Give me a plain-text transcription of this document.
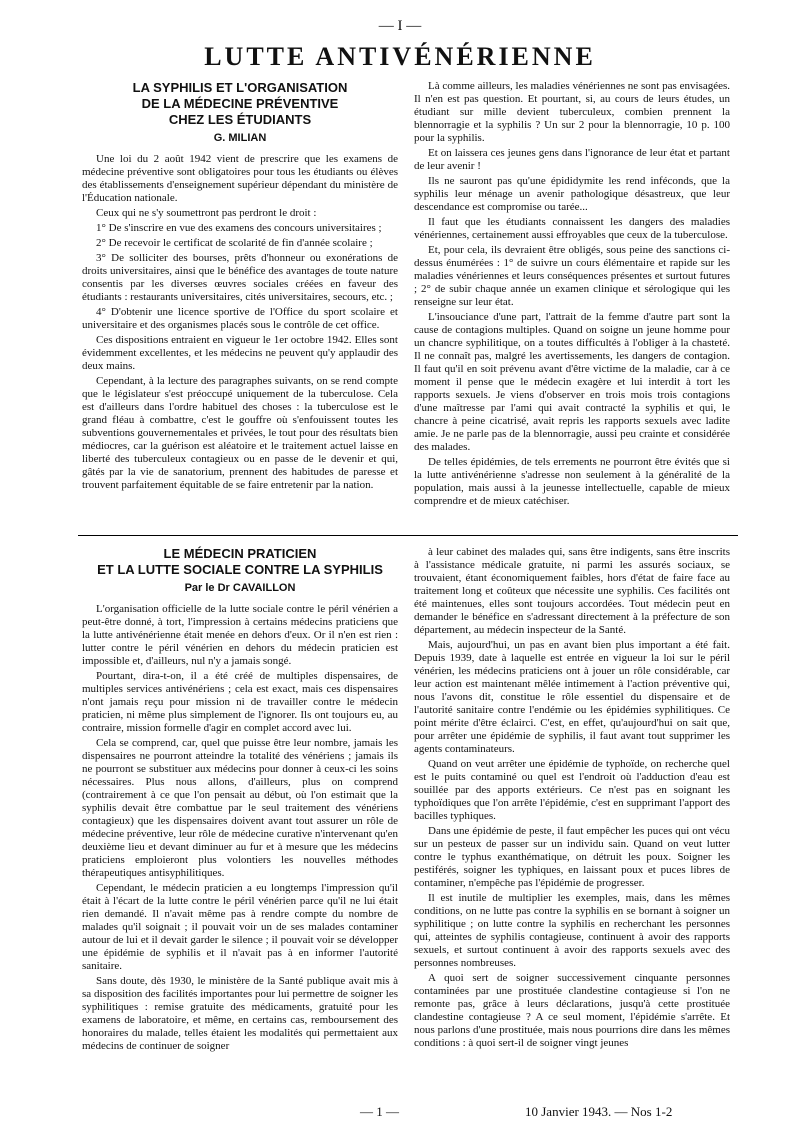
— I —
LUTTE ANTIVÉNÉRIENNE
LA SYPHILIS ET L'ORGANISATION
DE LA MÉDECINE PRÉVENTIVE
CHEZ LES ÉTUDIANTS
G. MILIAN

Une loi du 2 août 1942 vient de prescrire que les examens de médecine préventive sont obligatoires pour tous les étudiants ou élèves des établissements d'enseignement supérieur dépendant du ministère de l'Éducation nationale.

Ceux qui ne s'y soumettront pas perdront le droit :

1° De s'inscrire en vue des examens des concours universitaires ;

2° De recevoir le certificat de scolarité de fin d'année scolaire ;

3° De solliciter des bourses, prêts d'honneur ou exonérations de droits universitaires, ainsi que le bénéfice des avantages de toute nature consentis par les diverses œuvres sociales créées en faveur des étudiants : restaurants universitaires, cités universitaires, secours, etc. ;

4° D'obtenir une licence sportive de l'Office du sport scolaire et universitaire et des organismes placés sous le contrôle de cet office.

Ces dispositions entraient en vigueur le 1er octobre 1942. Elles sont évidemment excellentes, et les médecins ne peuvent qu'y applaudir des deux mains.

Cependant, à la lecture des paragraphes suivants, on se rend compte que le législateur s'est préoccupé uniquement de la tuberculose. Cela est d'ailleurs dans l'ordre habituel des choses : la tuberculose est le grand fléau à combattre, c'est le gouffre où s'enfouissent toutes les subventions gouvernementales et privées, le tout pour des résultats bien médiocres, car la guérison est aléatoire et le traitement actuel laisse en liberté des tuberculeux contagieux ou en passe de le devenir et qui, gâtés par la vie de sanatorium, prennent des habitudes de paresse et trouvent parfaitement équitable de se faire entretenir par la nation.

Là comme ailleurs, les maladies vénériennes ne sont pas envisagées. Il n'en est pas question. Et pourtant, si, au cours de leurs études, un étudiant sur mille devient tuberculeux, combien prennent la blennorragie et la syphilis ? Un sur 2 pour la blennorragie, 10 p. 100 pour la syphilis.

Et on laissera ces jeunes gens dans l'ignorance de leur état et partant de leur avenir !

Ils ne sauront pas qu'une épididymite les rend inféconds, que la syphilis leur ménage un avenir pathologique désastreux, que leur descendance est compromise ou tarée...

Il faut que les étudiants connaissent les dangers des maladies vénériennes, certainement aussi effroyables que ceux de la tuberculose.

Et, pour cela, ils devraient être obligés, sous peine des sanctions ci-dessus énumérées : 1° de suivre un cours élémentaire et rapide sur les maladies vénériennes et leurs conséquences présentes et surtout futures ; 2° de subir chaque année un examen clinique et sérologique qui les renseigne sur leur état.

L'insouciance d'une part, l'attrait de la femme d'autre part sont la cause de contagions multiples. Quand on soigne un jeune homme pour un chancre syphilitique, on a toutes difficultés à l'obliger à la chasteté. Il ne connaît pas, malgré les avertissements, les dangers de contagion. Il faut qu'il en soit prévenu avant d'être victime de la maladie, car à ce moment il pense que le médecin exagère et lui interdit à tort les rapports sexuels. Je viens d'observer en trois mois trois contagions d'une maîtresse par l'ami qui avait contracté la syphilis et qui, le chancre à peine cicatrisé, avait repris les rapports sexuels avec ladite amie. Je ne parle pas de la blennorragie, aussi peu crainte et considérée des malades.

De telles épidémies, de tels errements ne pourront être évités que si la lutte antivénérienne s'adresse non seulement à la généralité de la population, mais aussi à la jeunesse intellectuelle, capable de mieux comprendre et de mieux catéchiser.

LE MÉDECIN PRATICIEN
ET LA LUTTE SOCIALE CONTRE LA SYPHILIS
Par le Dr CAVAILLON

L'organisation officielle de la lutte sociale contre le péril vénérien a peut-être donné, à tort, l'impression à certains médecins praticiens que la lutte antivénérienne était menée en dehors d'eux. Or il n'en est rien : lutter contre le péril vénérien en dehors du médecin praticien est impossible et, d'ailleurs, nul n'y a jamais songé.

Pourtant, dira-t-on, il a été créé de multiples dispensaires, de multiples services antivénériens ; cela est exact, mais ces dispensaires n'ont jamais reçu pour mission ni de travailler contre le médecin praticien, ni même plus simplement de l'ignorer. Ils ont toujours eu, au contraire, mission formelle d'agir en complet accord avec lui.

Cela se comprend, car, quel que puisse être leur nombre, jamais les dispensaires ne pourront atteindre la totalité des vénériens ; jamais ils ne pourront se substituer aux médecins pour donner à ceux-ci les soins nécessaires. Plus nous allons, d'ailleurs, plus on comprend (contrairement à ce que l'on pensait au début, où l'on estimait que la syphilis devait être combattue par le seul traitement des vénériens contagieux) que les dispensaires doivent avant tout assurer un rôle de médecine préventive, leur rôle de médecine curative n'intervenant qu'en deuxième lieu et devant diminuer au fur et à mesure que les médecins praticiens emploieront plus volontiers les nouvelles méthodes thérapeutiques antisyphilitiques.

Cependant, le médecin praticien a eu longtemps l'impression qu'il était à l'écart de la lutte contre le péril vénérien parce qu'il ne lui était rien demandé. Il n'avait même pas à rendre compte du nombre de malades qu'il soignait ; il pouvait voir un de ses malades contaminer autour de lui et il devait garder le silence ; il pouvait voir se développer une épidémie de syphilis et il n'avait pas à en informer l'autorité sanitaire.

Sans doute, dès 1930, le ministère de la Santé publique avait mis à sa disposition des facilités importantes pour lui permettre de soigner les syphilitiques : remise gratuite des médicaments, gratuité pour les examens de laboratoire, et même, en certains cas, remboursement des honoraires du malade, telles étaient les modalités qui permettaient aux médecins de continuer de soigner

à leur cabinet des malades qui, sans être indigents, sans être inscrits à l'assistance médicale gratuite, ni parmi les assurés sociaux, se trouvaient, étant économiquement faibles, hors d'état de faire face au traitement long et coûteux que nécessite une syphilis. Ces facilités ont été maintenues, elles sont toujours accordées. Tout médecin peut en demander le bénéfice en s'adressant directement à la préfecture de son département, au médecin inspecteur de la Santé.

Mais, aujourd'hui, un pas en avant bien plus important a été fait. Depuis 1939, date à laquelle est entrée en vigueur la loi sur le péril vénérien, les médecins praticiens ont à jouer un rôle considérable, car leur action est maintenant mêlée intimement à l'action préventive qui, nous l'avons dit, constitue le rôle essentiel du dispensaire et de l'autorité sanitaire contre l'endémie ou les épidémies syphilitiques. Ce point mérite d'être éclairci. C'est, en effet, qu'aujourd'hui on sait que, pour arrêter une épidémie de syphilis, il faut avant tout supprimer les agents contaminateurs.

Quand on veut arrêter une épidémie de typhoïde, on recherche quel est le puits contaminé ou quel est l'endroit où l'adduction d'eau est souillée par des apports extérieurs. Ce n'est pas en soignant les typhoïdiques que l'on arrête l'épidémie, c'est en supprimant l'apport des bacilles typhiques.

Dans une épidémie de peste, il faut empêcher les puces qui ont vécu sur un pesteux de passer sur un individu sain. Quand on veut lutter contre le typhus exanthématique, on détruit les poux. Soigner les pestiférés, soigner les typhiques, en laissant poux et puces libres de contaminer, n'empêche pas l'épidémie de progresser.

Il est inutile de multiplier les exemples, mais, dans les mêmes conditions, on ne lutte pas contre la syphilis en se bornant à soigner un syphilitique ; on lutte contre la syphilis en recherchant les personnes qui, atteintes de syphilis contagieuse, continuent à avoir des rapports sexuels, et surtout continuent à avoir des rapports sexuels avec des personnes nombreuses.

A quoi sert de soigner successivement cinquante personnes contaminées par une prostituée clandestine contagieuse si l'on ne remonte pas, grâce à leurs déclarations, jusqu'à cette prostituée clandestine contagieuse ? A ce seul moment, l'épidémie s'arrête. Et nous parlons d'une prostituée, mais nous pourrions dire dans les mêmes conditions : à quoi sert-il de soigner vingt jeunes

— 1 —	10 Janvier 1943. — Nos 1-2
